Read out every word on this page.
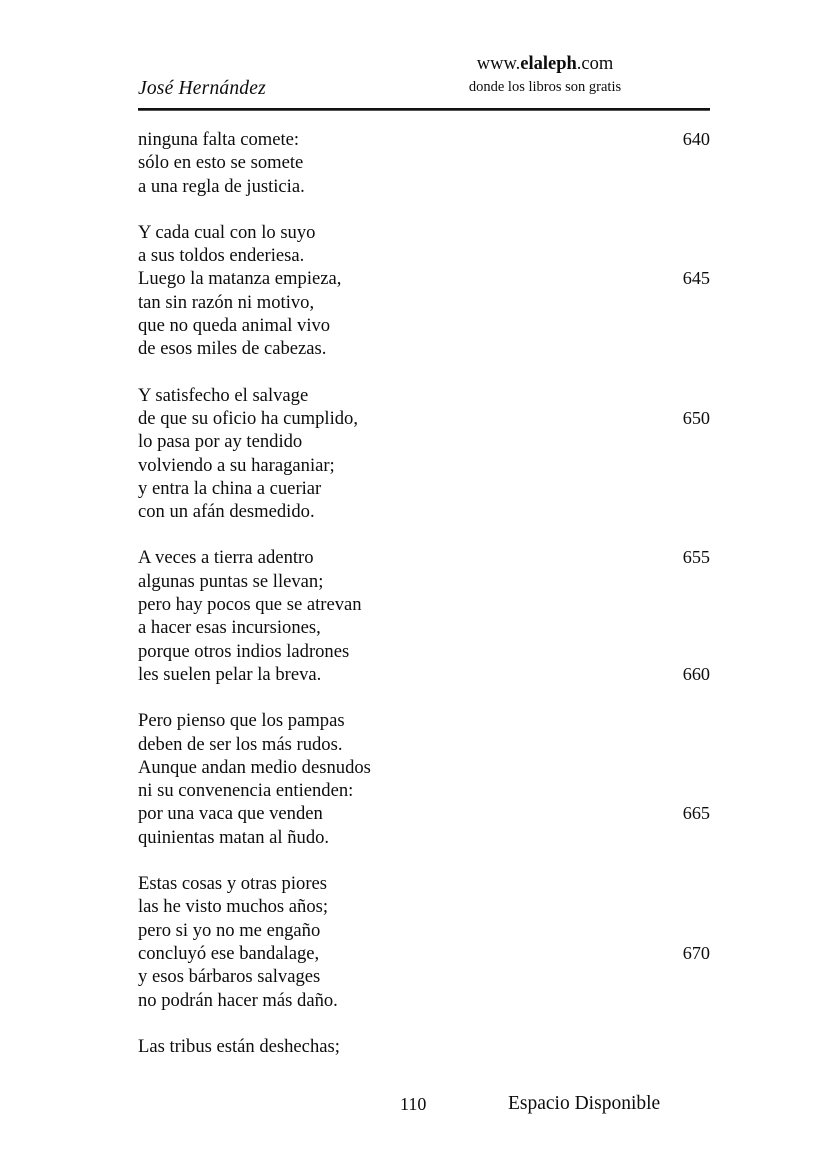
José Hernández
www.elaleph.com
donde los libros son gratis
ninguna falta comete:	640
sólo en esto se somete
a una regla de justicia.
Y cada cual con lo suyo
a sus toldos enderiesa.
Luego la matanza empieza,	645
tan sin razón ni motivo,
que no queda animal vivo
de esos miles de cabezas.
Y satisfecho el salvage
de que su oficio ha cumplido,	650
lo pasa por ay tendido
volviendo a su haraganiar;
y entra la china a cueriar
con un afán desmedido.
A veces a tierra adentro	655
algunas puntas se llevan;
pero hay pocos que se atrevan
a hacer esas incursiones,
porque otros indios ladrones
les suelen pelar la breva.	660
Pero pienso que los pampas
deben de ser los más rudos.
Aunque andan medio desnudos
ni su convenencia entienden:
por una vaca que venden	665
quinientas matan al ñudo.
Estas cosas y otras piores
las he visto muchos años;
pero si yo no me engaño
concluyó ese bandalage,	670
y esos bárbaros salvages
no podrán hacer más daño.
Las tribus están deshechas;
110	Espacio Disponible
